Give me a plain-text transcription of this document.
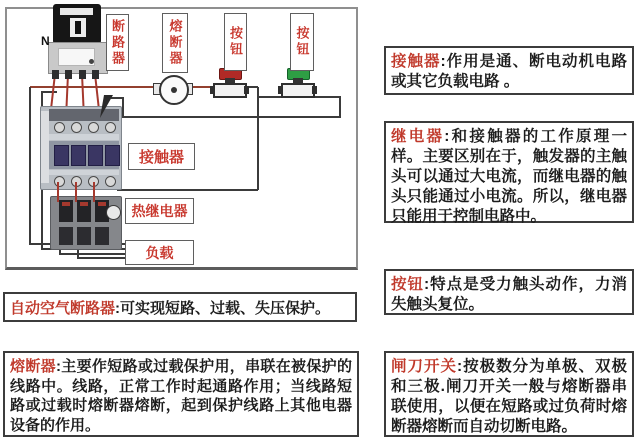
N	断路器	熔断器	按钮	按钮
接触器
热继电器
负载
接触器:作用是通、断电动机电路或其它负载电路 。
继电器:和接触器的工作原理一样。主要区别在于，触发器的主触头可以通过大电流，而继电器的触头只能通过小电流。所以，继电器只能用于控制电路中。
按钮:特点是受力触头动作，力消失触头复位。
闸刀开关:按极数分为单极、双极和三极.闸刀开关一般与熔断器串联使用，以便在短路或过负荷时熔断器熔断而自动切断电路。
自动空气断路器:可实现短路、过载、失压保护。
熔断器:主要作短路或过载保护用，串联在被保护的线路中。线路，正常工作时起通路作用；当线路短路或过载时熔断器熔断，起到保护线路上其他电器设备的作用。
